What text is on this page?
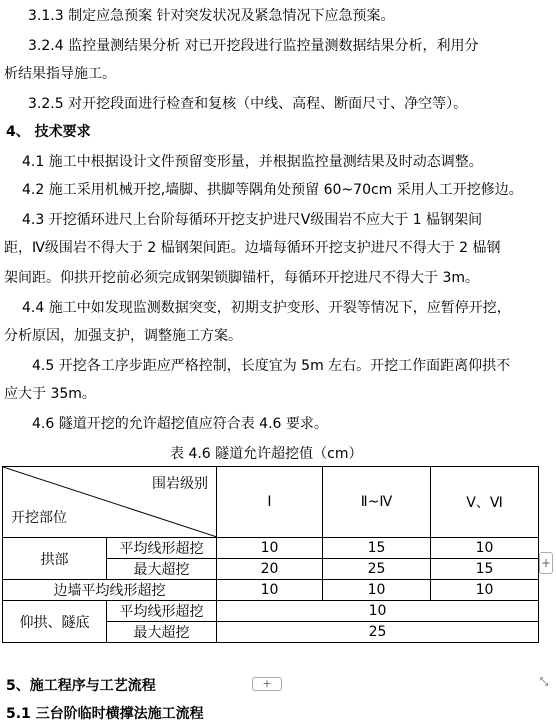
3.1.3 制定应急预案 针对突发状况及紧急情况下应急预案。
3.2.4 监控量测结果分析 对已开挖段进行监控量测数据结果分析，利用分
析结果指导施工。
3.2.5 对开挖段面进行检查和复核（中线、高程、断面尺寸、净空等）。
4、 技术要求
4.1 施工中根据设计文件预留变形量，并根据监控量测结果及时动态调整。
4.2 施工采用机械开挖,墙脚、拱脚等隅角处预留 60~70cm 采用人工开挖修边。
4.3 开挖循环进尺上台阶每循环开挖支护进尺Ⅴ级围岩不应大于 1 榀钢架间
距，Ⅳ级围岩不得大于 2 榀钢架间距。边墙每循环开挖支护进尺不得大于 2 榀钢
架间距。仰拱开挖前必须完成钢架锁脚锚杆，每循环开挖进尺不得大于 3m。
4.4 施工中如发现监测数据突变，初期支护变形、开裂等情况下，应暂停开挖，
分析原因，加强支护，调整施工方案。
4.5 开挖各工序步距应严格控制，长度宜为 5m 左右。开挖工作面距离仰拱不
应大于 35m。
4.6 隧道开挖的允许超挖值应符合表 4.6 要求。
表 4.6 隧道允许超挖值（cm）
围岩级别
开挖部位		I	Ⅱ~Ⅳ	Ⅴ、Ⅵ
拱部	平均线形超挖	10	15	10
	最大超挖	20	25	15
边墙平均线形超挖		10	10	10
仰拱、隧底	平均线形超挖	10		
	最大超挖	25		
+
+	⤡
5、施工程序与工艺流程
5.1 三台阶临时横撑法施工流程
